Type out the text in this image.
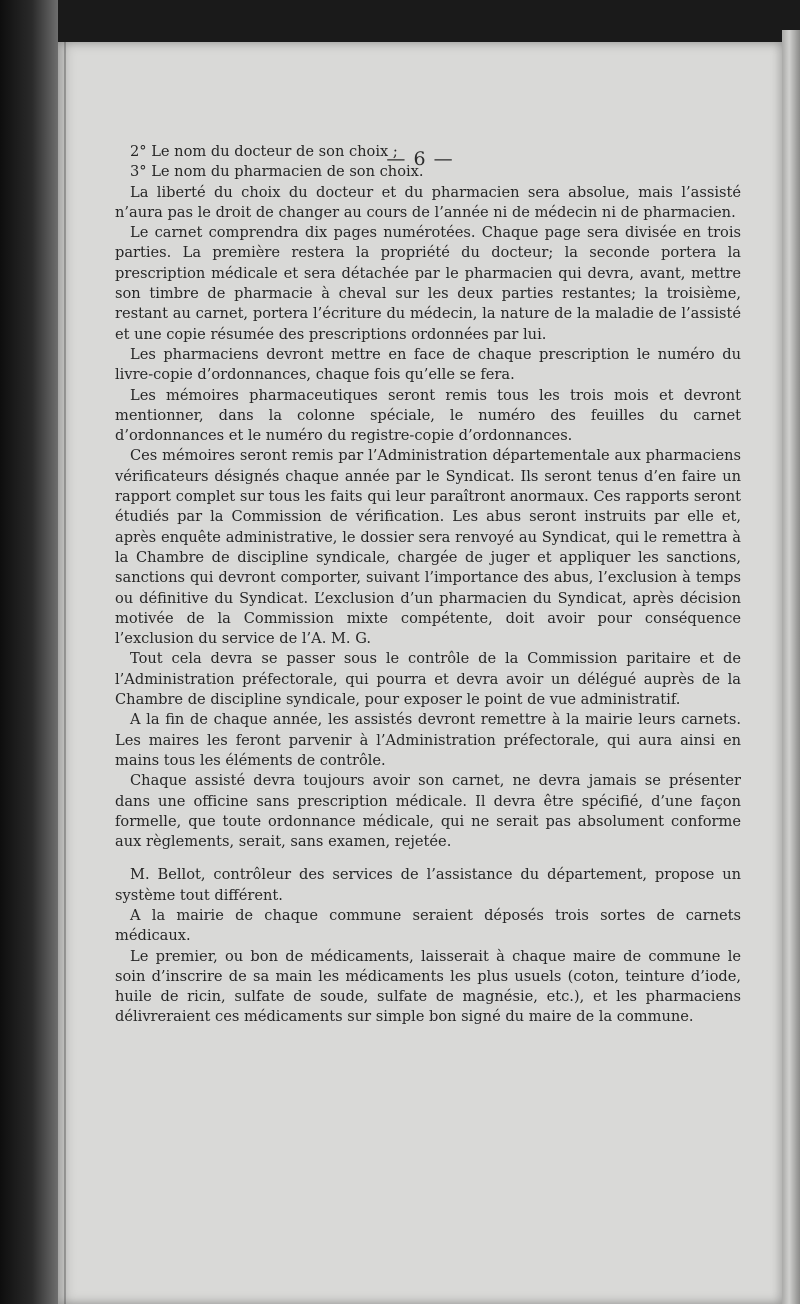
— 6 —

2° Le nom du docteur de son choix ;

3° Le nom du pharmacien de son choix.

La liberté du choix du docteur et du pharmacien sera absolue, mais l’assisté n’aura pas le droit de changer au cours de l’année ni de médecin ni de pharmacien.

Le carnet comprendra dix pages numérotées. Chaque page sera divisée en trois parties. La première restera la propriété du docteur; la seconde portera la prescription médicale et sera détachée par le pharmacien qui devra, avant, mettre son timbre de pharmacie à cheval sur les deux parties restantes; la troisième, restant au carnet, portera l’écriture du médecin, la nature de la maladie de l’assisté et une copie résumée des prescriptions ordonnées par lui.

Les pharmaciens devront mettre en face de chaque prescription le numéro du livre-copie d’ordonnances, chaque fois qu’elle se fera.

Les mémoires pharmaceutiques seront remis tous les trois mois et devront mentionner, dans la colonne spéciale, le numéro des feuilles du carnet d’ordonnances et le numéro du registre-copie d’ordonnances.

Ces mémoires seront remis par l’Administration départementale aux pharmaciens vérificateurs désignés chaque année par le Syndicat. Ils seront tenus d’en faire un rapport complet sur tous les faits qui leur paraîtront anormaux. Ces rapports seront étudiés par la Commission de vérification. Les abus seront instruits par elle et, après enquête administrative, le dossier sera renvoyé au Syndicat, qui le remettra à la Chambre de discipline syndicale, chargée de juger et appliquer les sanctions, sanctions qui devront comporter, suivant l’importance des abus, l’exclusion à temps ou définitive du Syndicat. L’exclusion d’un pharmacien du Syndicat, après décision motivée de la Commission mixte compétente, doit avoir pour conséquence l’exclusion du service de l’A. M. G.

Tout cela devra se passer sous le contrôle de la Commission paritaire et de l’Administration préfectorale, qui pourra et devra avoir un délégué auprès de la Chambre de discipline syndicale, pour exposer le point de vue administratif.

A la fin de chaque année, les assistés devront remettre à la mairie leurs carnets. Les maires les feront parvenir à l’Administration préfectorale, qui aura ainsi en mains tous les éléments de contrôle.

Chaque assisté devra toujours avoir son carnet, ne devra jamais se présenter dans une officine sans prescription médicale. Il devra être spécifié, d’une façon formelle, que toute ordonnance médicale, qui ne serait pas absolument conforme aux règlements, serait, sans examen, rejetée.

M. Bellot, contrôleur des services de l’assistance du département, propose un système tout différent.

A la mairie de chaque commune seraient déposés trois sortes de carnets médicaux.

Le premier, ou bon de médicaments, laisserait à chaque maire de commune le soin d’inscrire de sa main les médicaments les plus usuels (coton, teinture d’iode, huile de ricin, sulfate de soude, sulfate de magnésie, etc.), et les pharmaciens délivreraient ces médicaments sur simple bon signé du maire de la commune.
